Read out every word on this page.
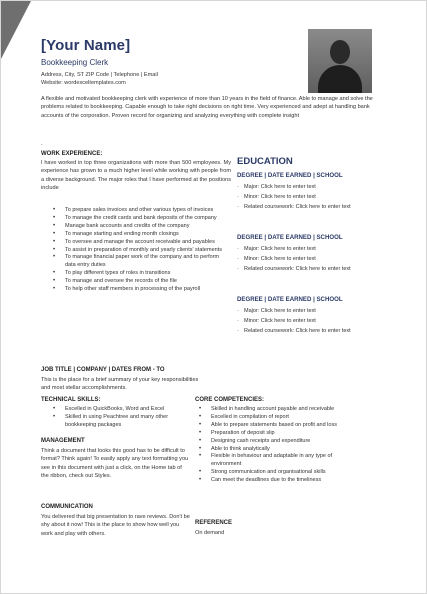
[Your Name]
Bookkeeping Clerk
Address, City, ST ZIP Code | Telephone | Email
Website: wordexceltemplates.com
A flexible and motivated bookkeeping clerk with experience of more than 10 years in the field of finance. Able to manage and solve the problems related to bookkeeping. Capable enough to take right decisions on right time. Very experienced and adept at handling bank accounts of the corporation. Proven record for organizing and analyzing everything with complete insight
.
WORK EXPERIENCE:
I have worked in top three organizations with more than 500 employees. My experience has grown to a much higher level while working with people from a diverse background. The major roles that I have performed at the positions include
• To prepare sales invoices and other various types of invoices
• To manage the credit cards and bank deposits of the company
• Manage bank accounts and credits of the company
• To manage starting and ending month closings
• To oversee and manage the account receivable and payables
• To assist in preparation of monthly and yearly clients' statements
• To manage financial paper work of the company and to perform data entry duties
• To play different types of roles in transitions
• To manage and oversee the records of the file
• To help other staff members in processing of the payroll
EDUCATION
DEGREE | DATE EARNED | SCHOOL
· Major: Click here to enter text
· Minor: Click here to enter text
· Related coursework: Click here to enter text
DEGREE | DATE EARNED | SCHOOL
· Major: Click here to enter text
· Minor: Click here to enter text
· Related coursework: Click here to enter text
DEGREE | DATE EARNED | SCHOOL
· Major: Click here to enter text
· Minor: Click here to enter text
· Related coursework: Click here to enter text
JOB TITLE | COMPANY | DATES FROM - TO
This is the place for a brief summary of your key responsibilities and most stellar accomplishments.
TECHNICAL SKILLS:
• Excelled in QuickBooks, Word and Excel
• Skilled in using Peachtree and many other bookkeeping packages
MANAGEMENT
Think a document that looks this good has to be difficult to format? Think again! To easily apply any text formatting you see in this document with just a click, on the Home tab of the ribbon, check out Styles.
COMMUNICATION
You delivered that big presentation to rave reviews. Don't be shy about it now! This is the place to show how well you work and play with others.
CORE COMPETENCIES:
• Skilled in handling account payable and receivable
• Excelled in compilation of report
• Able to prepare statements based on profit and loss
• Preparation of deposit slip
• Designing cash receipts and expenditure
• Able to think analytically
• Flexible in behaviour and adaptable in any type of environment
• Strong communication and organisational skills
• Can meet the deadlines due to the timeliness
REFERENCE
On demand
